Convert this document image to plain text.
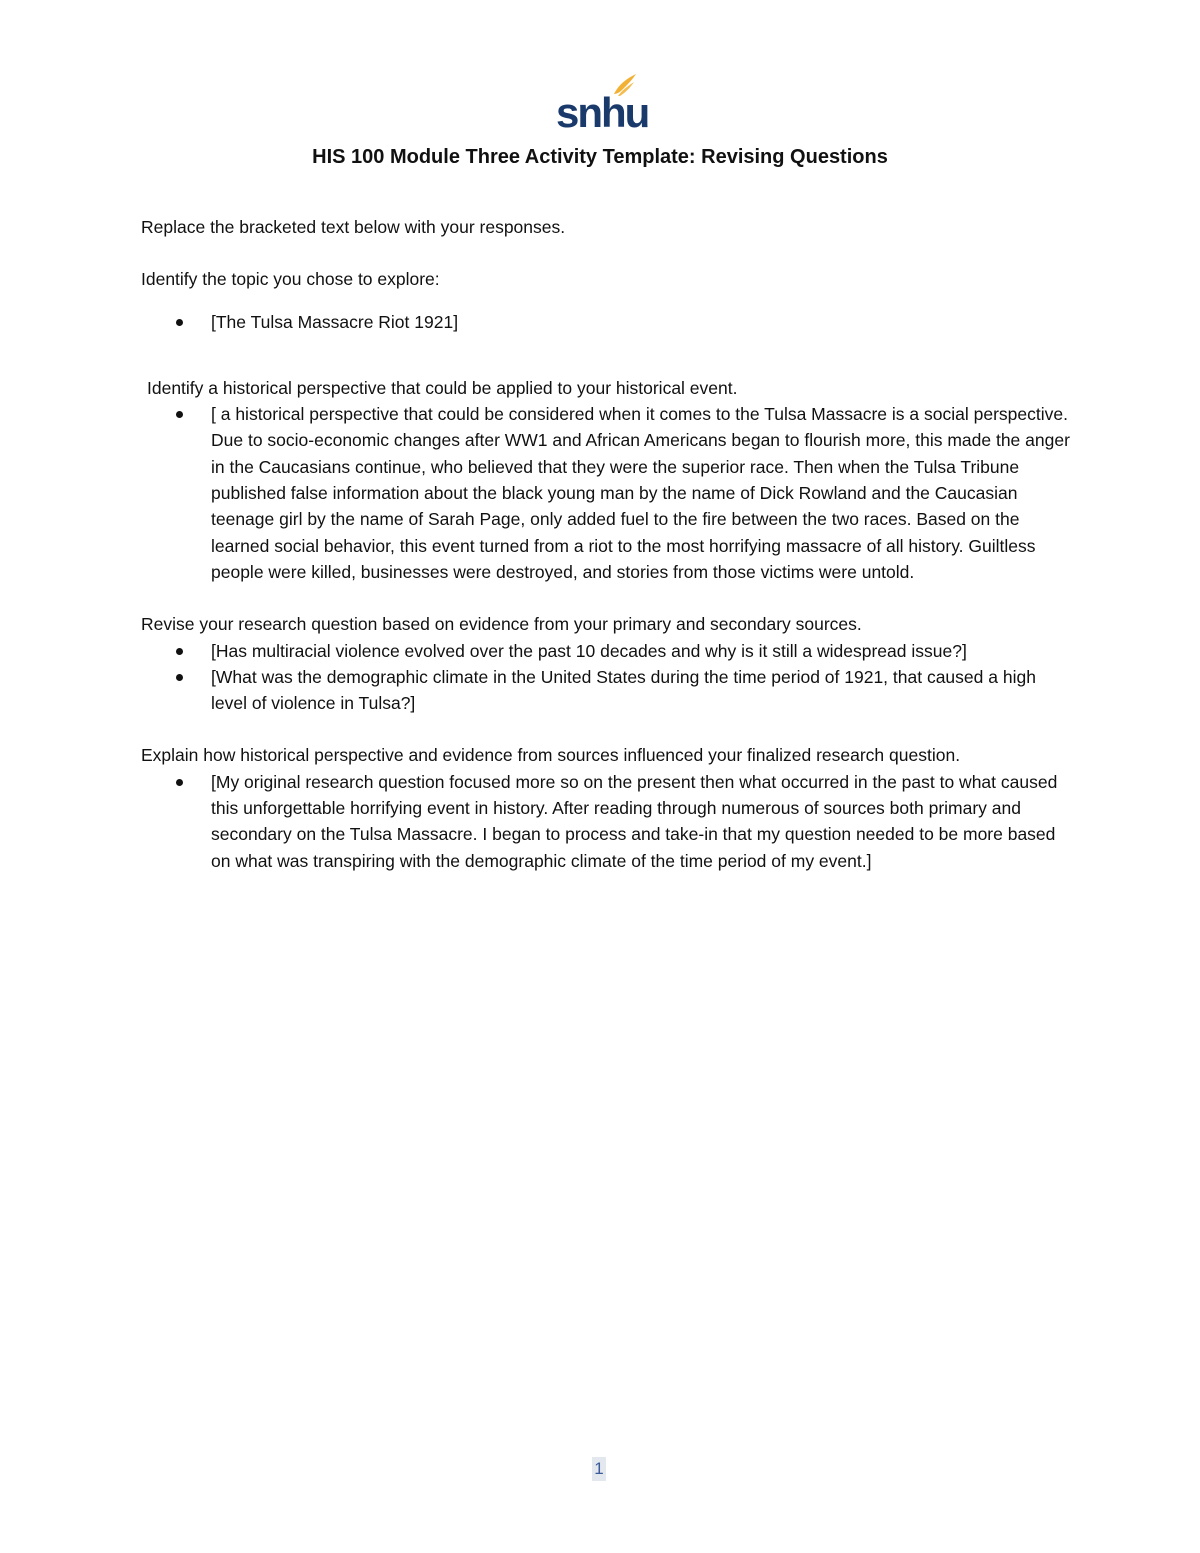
snhu
HIS 100 Module Three Activity Template: Revising Questions

Replace the bracketed text below with your responses.

Identify the topic you chose to explore:

[The Tulsa Massacre Riot 1921]

Identify a historical perspective that could be applied to your historical event.

[ a historical perspective that could be considered when it comes to the Tulsa Massacre is a social perspective. Due to socio-economic changes after WW1 and African Americans began to flourish more, this made the anger in the Caucasians continue, who believed that they were the superior race. Then when the Tulsa Tribune published false information about the black young man by the name of Dick Rowland and the Caucasian teenage girl by the name of Sarah Page, only added fuel to the fire between the two races. Based on the learned social behavior, this event turned from a riot to the most horrifying massacre of all history. Guiltless people were killed, businesses were destroyed, and stories from those victims were untold.

Revise your research question based on evidence from your primary and secondary sources.

[Has multiracial violence evolved over the past 10 decades and why is it still a widespread issue?]
[What was the demographic climate in the United States during the time period of 1921, that caused a high level of violence in Tulsa?]

Explain how historical perspective and evidence from sources influenced your finalized research question.

[My original research question focused more so on the present then what occurred in the past to what caused this unforgettable horrifying event in history. After reading through numerous of sources both primary and secondary on the Tulsa Massacre. I began to process and take-in that my question needed to be more based on what was transpiring with the demographic climate of the time period of my event.]
1
